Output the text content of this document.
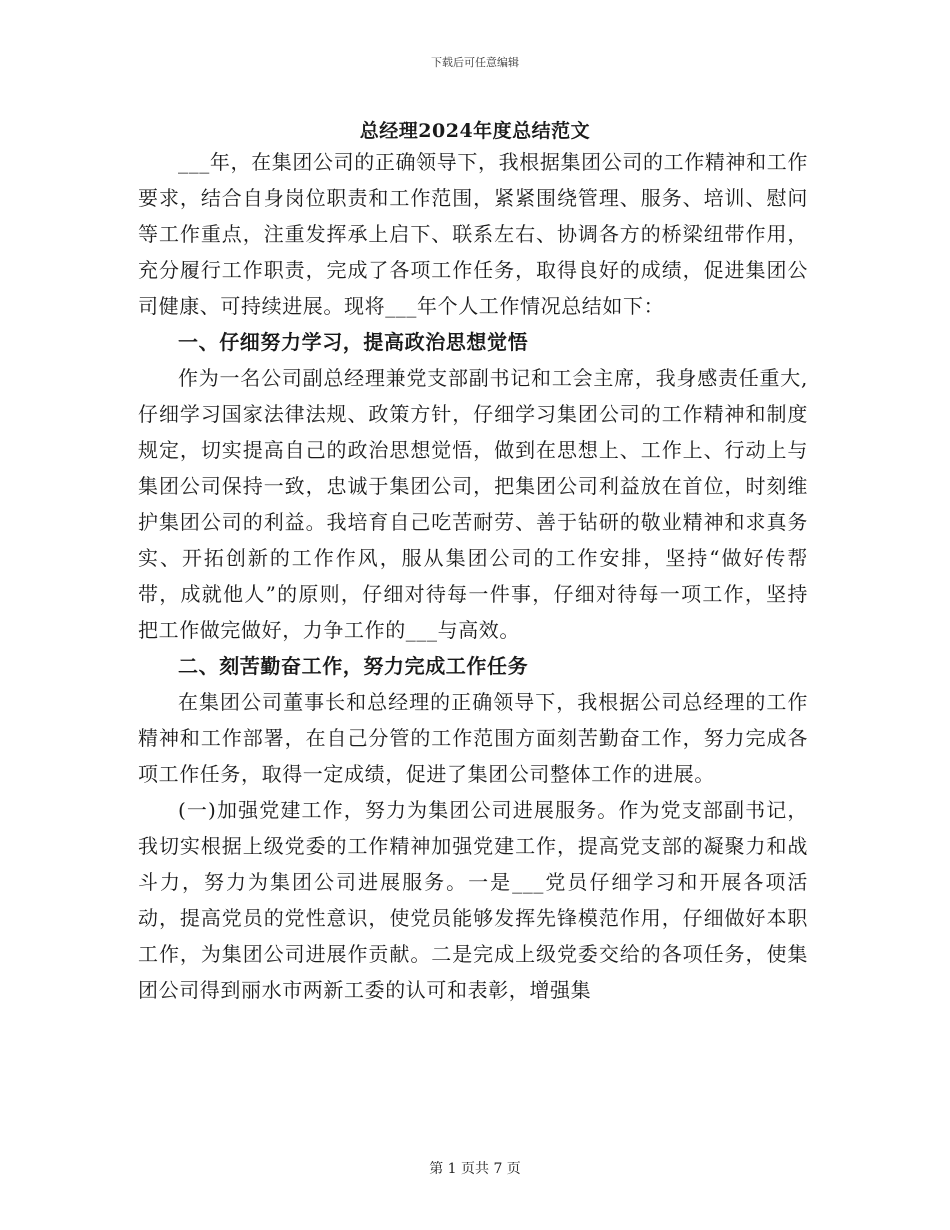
下载后可任意编辑
总经理2024年度总结范文

___年，在集团公司的正确领导下，我根据集团公司的工作精神和工作要求，结合自身岗位职责和工作范围，紧紧围绕管理、服务、培训、慰问等工作重点，注重发挥承上启下、联系左右、协调各方的桥梁纽带作用，充分履行工作职责，完成了各项工作任务，取得良好的成绩，促进集团公司健康、可持续进展。现将___年个人工作情况总结如下：

一、仔细努力学习，提高政治思想觉悟

作为一名公司副总经理兼党支部副书记和工会主席，我身感责任重大,仔细学习国家法律法规、政策方针，仔细学习集团公司的工作精神和制度规定，切实提高自己的政治思想觉悟，做到在思想上、工作上、行动上与集团公司保持一致，忠诚于集团公司，把集团公司利益放在首位，时刻维护集团公司的利益。我培育自己吃苦耐劳、善于钻研的敬业精神和求真务实、开拓创新的工作作风，服从集团公司的工作安排，坚持“做好传帮带，成就他人”的原则，仔细对待每一件事，仔细对待每一项工作，坚持把工作做完做好，力争工作的___与高效。

二、刻苦勤奋工作，努力完成工作任务

在集团公司董事长和总经理的正确领导下，我根据公司总经理的工作精神和工作部署，在自己分管的工作范围方面刻苦勤奋工作，努力完成各项工作任务，取得一定成绩，促进了集团公司整体工作的进展。

(一)加强党建工作，努力为集团公司进展服务。作为党支部副书记，我切实根据上级党委的工作精神加强党建工作，提高党支部的凝聚力和战斗力，努力为集团公司进展服务。一是___党员仔细学习和开展各项活动，提高党员的党性意识，使党员能够发挥先锋模范作用，仔细做好本职工作，为集团公司进展作贡献。二是完成上级党委交给的各项任务，使集团公司得到丽水市两新工委的认可和表彰，增强集

第 1 页共 7 页
